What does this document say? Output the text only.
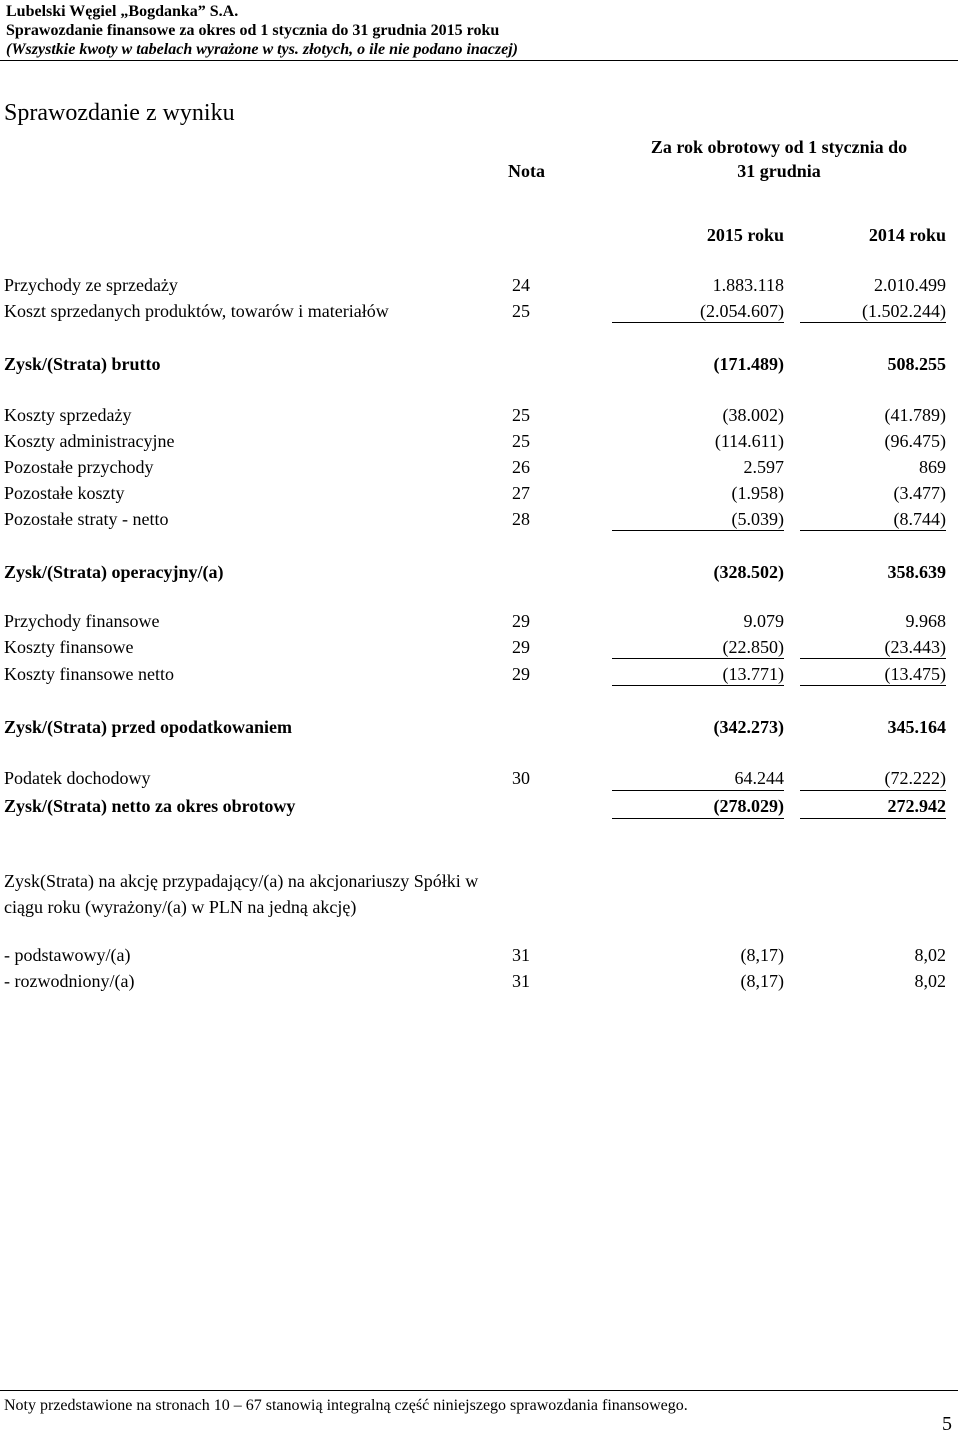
Lubelski Węgiel „Bogdanka” S.A.
Sprawozdanie finansowe za okres od 1 stycznia do 31 grudnia 2015 roku
(Wszystkie kwoty w tabelach wyrażone w tys. złotych, o ile nie podano inaczej)
Sprawozdanie z wyniku
Nota
Za rok obrotowy od 1 stycznia do
31 grudnia
2015 roku	2014 roku
Przychody ze sprzedaży	24	1.883.118	2.010.499
Koszt sprzedanych produktów, towarów i materiałów	25	(2.054.607)	(1.502.244)
Zysk/(Strata) brutto	(171.489)	508.255
Koszty sprzedaży	25	(38.002)	(41.789)
Koszty administracyjne	25	(114.611)	(96.475)
Pozostałe przychody	26	2.597	869
Pozostałe koszty	27	(1.958)	(3.477)
Pozostałe straty - netto	28	(5.039)	(8.744)
Zysk/(Strata) operacyjny/(a)	(328.502)	358.639
Przychody finansowe	29	9.079	9.968
Koszty finansowe	29	(22.850)	(23.443)
Koszty finansowe netto	29	(13.771)	(13.475)
Zysk/(Strata) przed opodatkowaniem	(342.273)	345.164
Podatek dochodowy	30	64.244	(72.222)
Zysk/(Strata) netto za okres obrotowy	(278.029)	272.942
Zysk(Strata) na akcję przypadający/(a) na akcjonariuszy Spółki w
ciągu roku (wyrażony/(a) w PLN na jedną akcję)
- podstawowy/(a)	31	(8,17)	8,02
- rozwodniony/(a)	31	(8,17)	8,02
Noty przedstawione na stronach 10 – 67 stanowią integralną część niniejszego sprawozdania finansowego.
5
